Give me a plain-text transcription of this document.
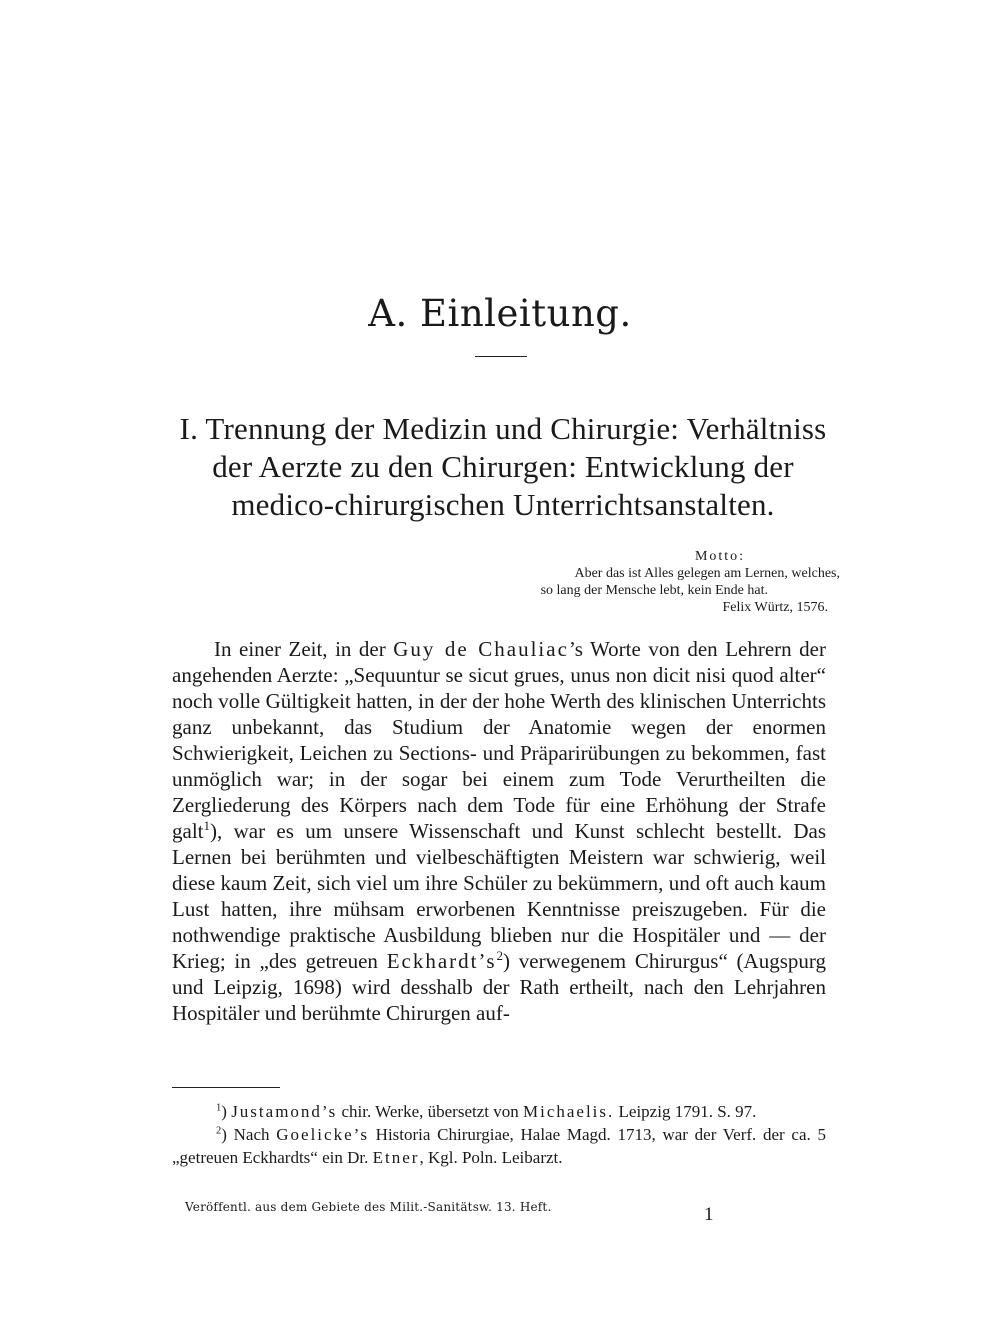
A. Einleitung.
I. Trennung der Medizin und Chirurgie: Verhältniss der Aerzte zu den Chirurgen: Entwicklung der medico-chirurgischen Unterrichtsanstalten.
Motto:
Aber das ist Alles gelegen am Lernen, welches,
so lang der Mensche lebt, kein Ende hat.
Felix Würtz, 1576.

In einer Zeit, in der Guy de Chauliac’s Worte von den Lehrern der angehenden Aerzte: „Sequuntur se sicut grues, unus non dicit nisi quod alter“ noch volle Gültigkeit hatten, in der der hohe Werth des klinischen Unterrichts ganz unbekannt, das Studium der Anatomie wegen der enormen Schwierigkeit, Leichen zu Sections- und Präparirübungen zu bekommen, fast unmöglich war; in der sogar bei einem zum Tode Verurtheilten die Zergliederung des Körpers nach dem Tode für eine Erhöhung der Strafe galt$^1$), war es um unsere Wissenschaft und Kunst schlecht bestellt. Das Lernen bei berühmten und vielbeschäftigten Meistern war schwierig, weil diese kaum Zeit, sich viel um ihre Schüler zu bekümmern, und oft auch kaum Lust hatten, ihre mühsam erworbenen Kenntnisse preiszugeben. Für die nothwendige praktische Ausbildung blieben nur die Hospitäler und — der Krieg; in „des getreuen $Eckhardt’s^2$) verwegenem Chirurgus“ (Augspurg und Leipzig, 1698) wird desshalb der Rath ertheilt, nach den Lehrjahren Hospitäler und berühmte Chirurgen auf-

$^1$) Justamond’s chir. Werke, übersetzt von Michaelis. Leipzig 1791. S. 97.

$^2$) Nach Goelicke’s Historia Chirurgiae, Halae Magd. 1713, war der Verf. der ca. 5 „getreuen Eckhardts“ ein Dr. Etner, Kgl. Poln. Leibarzt.

Veröffentl. aus dem Gebiete des Milit.-Sanitätsw. 13. Heft.	1
